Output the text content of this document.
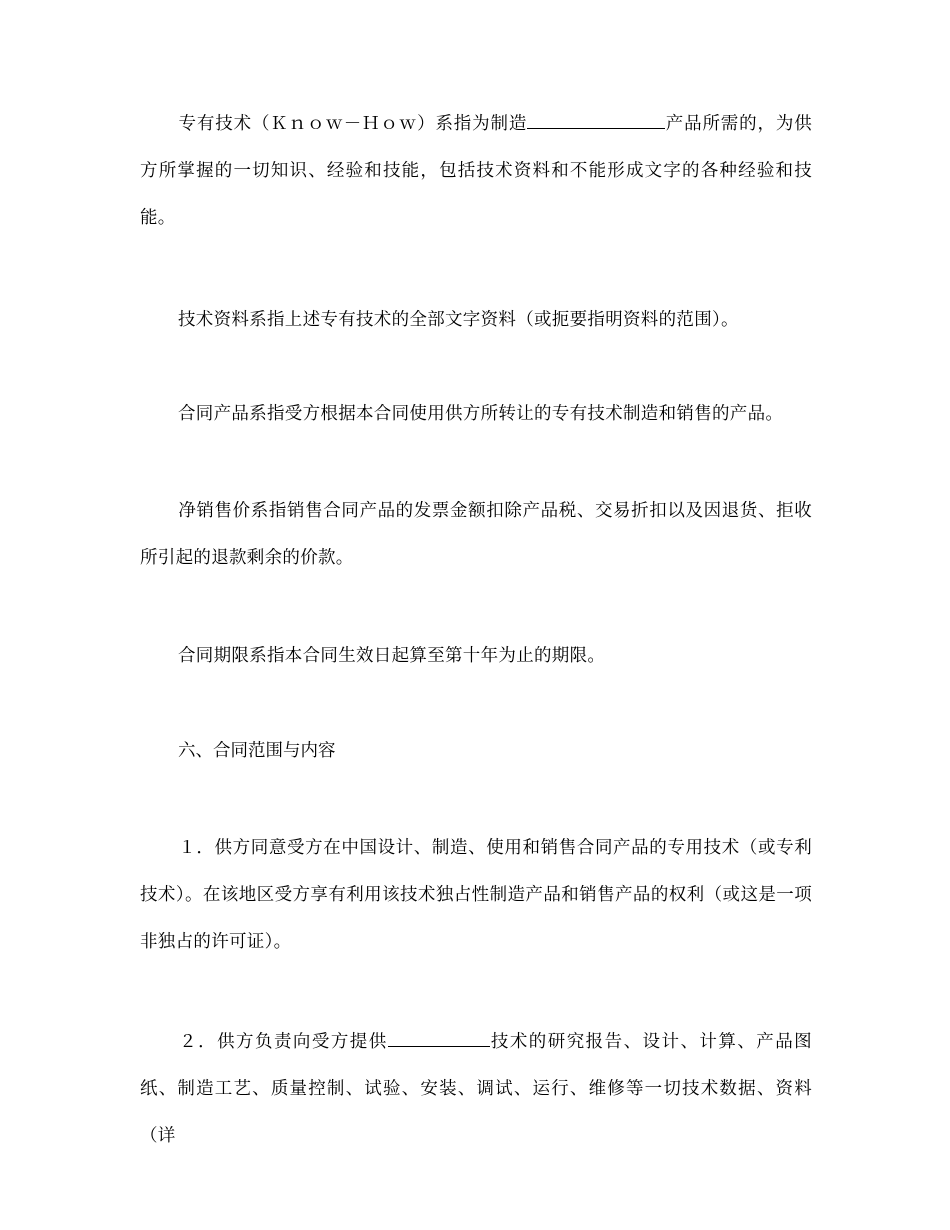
专有技术（Ｋｎｏｗ－Ｈｏｗ）系指为制造	产品所需的，为供方所掌握的一切知识、经验和技能，包括技术资料和不能形成文字的各种经验和技能。

技术资料系指上述专有技术的全部文字资料（或扼要指明资料的范围）。

合同产品系指受方根据本合同使用供方所转让的专有技术制造和销售的产品。

净销售价系指销售合同产品的发票金额扣除产品税、交易折扣以及因退货、拒收所引起的退款剩余的价款。

合同期限系指本合同生效日起算至第十年为止的期限。

六、合同范围与内容

１．供方同意受方在中国设计、制造、使用和销售合同产品的专用技术（或专利技术）。在该地区受方享有利用该技术独占性制造产品和销售产品的权利（或这是一项非独占的许可证）。

２．供方负责向受方提供	技术的研究报告、设计、计算、产品图纸、制造工艺、质量控制、试验、安装、调试、运行、维修等一切技术数据、资料（详
